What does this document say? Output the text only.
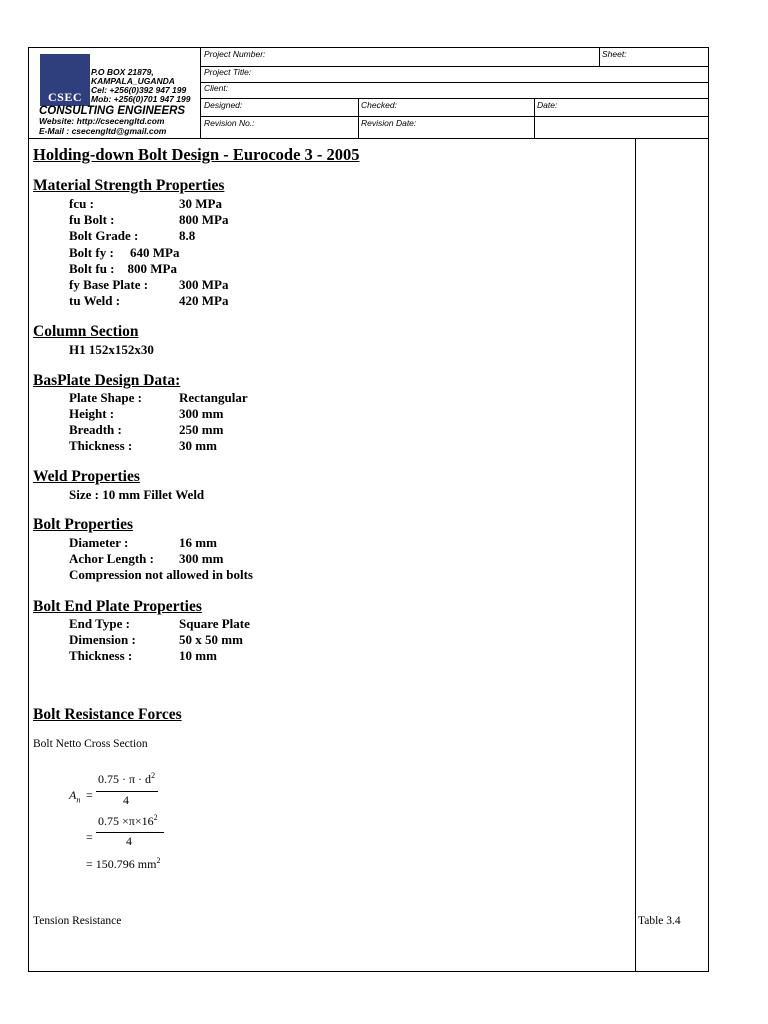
CSEC
P.O BOX 21879,
KAMPALA_UGANDA
Cel: +256(0)392 947 199
Mob: +256(0)701 947 199
CONSULTING ENGINEERS
Website: http://csecengltd.com
E-Mail : csecengltd@gmail.com
Project Number:	Sheet:
Project Title:
Client:
Designed:	Checked:	Date:
Revision No.:	Revision Date:
Holding-down Bolt Design - Eurocode 3 - 2005
Material Strength Properties
fcu :	30 MPa
fu Bolt :	800 MPa
Bolt Grade :	8.8
Bolt fy :     640 MPa
Bolt fu :    800 MPa
fy Base Plate : 300 MPa
tu Weld :	420 MPa
Column Section
H1 152x152x30
BasPlate Design Data:
Plate Shape :	Rectangular
Height :	300 mm
Breadth :	250 mm
Thickness :	30 mm
Weld Properties
Size : 10 mm Fillet Weld
Bolt Properties
Diameter :	16 mm
Achor Length : 300 mm
Compression not allowed in bolts
Bolt End Plate Properties
End Type :	Square Plate
Dimension :	50 x 50 mm
Thickness :	10 mm
Bolt Resistance Forces
Bolt Netto Cross Section
$A_n$ =
$0.75 \cdot \pi \cdot d^2$
4
=
$0.75 \times\pi\times 16^2$
4
= 150.796 $mm^2$
Tension Resistance	Table 3.4
